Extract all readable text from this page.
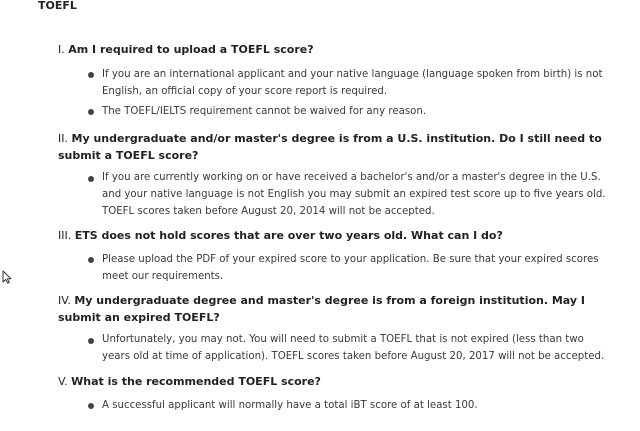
TOEFL
I. Am I required to upload a TOEFL score?
If you are an international applicant and your native language (language spoken from birth) is not English, an official copy of your score report is required.
The TOEFL/IELTS requirement cannot be waived for any reason.
II. My undergraduate and/or master's degree is from a U.S. institution. Do I still need to submit a TOEFL score?
If you are currently working on or have received a bachelor's and/or a master's degree in the U.S. and your native language is not English you may submit an expired test score up to five years old. TOEFL scores taken before August 20, 2014 will not be accepted.
III. ETS does not hold scores that are over two years old. What can I do?
Please upload the PDF of your expired score to your application. Be sure that your expired scores meet our requirements.
IV. My undergraduate degree and master's degree is from a foreign institution. May I submit an expired TOEFL?
Unfortunately, you may not. You will need to submit a TOEFL that is not expired (less than two years old at time of application). TOEFL scores taken before August 20, 2017 will not be accepted.
V. What is the recommended TOEFL score?
A successful applicant will normally have a total iBT score of at least 100.
